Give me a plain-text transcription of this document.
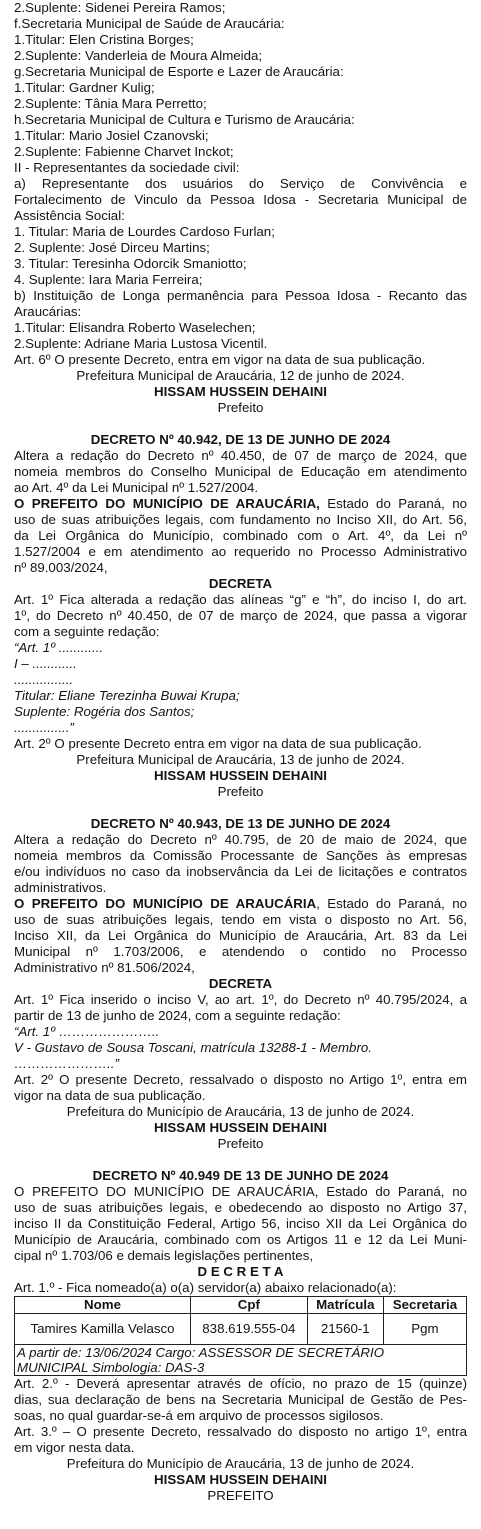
2.Suplente: Sidenei Pereira Ramos;
f.Secretaria Municipal de Saúde de Araucária:
1.Titular: Elen Cristina Borges;
2.Suplente: Vanderleia de Moura Almeida;
g.Secretaria Municipal de Esporte e Lazer de Araucária:
1.Titular: Gardner Kulig;
2.Suplente: Tânia Mara Perretto;
h.Secretaria Municipal de Cultura e Turismo de Araucária:
1.Titular: Mario Josiel Czanovski;
2.Suplente: Fabienne Charvet Inckot;
II - Representantes da sociedade civil:
a) Representante dos usuários do Serviço de Convivência e
Fortalecimento de Vinculo da Pessoa Idosa - Secretaria Municipal de
Assistência Social:
1. Titular: Maria de Lourdes Cardoso Furlan;
2. Suplente: José Dirceu Martins;
3. Titular: Teresinha Odorcik Smaniotto;
4. Suplente: Iara Maria Ferreira;
b) Instituição de Longa permanência para Pessoa Idosa - Recanto das
Araucárias:
1.Titular: Elisandra Roberto Waselechen;
2.Suplente: Adriane Maria Lustosa Vicentil.
Art. 6º O presente Decreto, entra em vigor na data de sua publicação.
Prefeitura Municipal de Araucária, 12 de junho de 2024.
HISSAM HUSSEIN DEHAINI
Prefeito
DECRETO Nº 40.942, DE 13 DE JUNHO DE 2024
Altera a redação do Decreto nº 40.450, de 07 de março de 2024, que
nomeia membros do Conselho Municipal de Educação em atendimento
ao Art. 4º da Lei Municipal nº 1.527/2004.
O PREFEITO DO MUNICÍPIO DE ARAUCÁRIA, Estado do Paraná, no
uso de suas atribuições legais, com fundamento no Inciso XII, do Art. 56,
da Lei Orgânica do Município, combinado com o Art. 4º, da Lei nº
1.527/2004 e em atendimento ao requerido no Processo Administrativo
nº 89.003/2024,
DECRETA
Art. 1º Fica alterada a redação das alíneas “g” e “h”, do inciso I, do art.
1º, do Decreto nº 40.450, de 07 de março de 2024, que passa a vigorar
com a seguinte redação:
“Art. 1º ............
I – ............
................
Titular: Eliane Terezinha Buwai Krupa;
Suplente: Rogéria dos Santos;
...............”
Art. 2º O presente Decreto entra em vigor na data de sua publicação.
Prefeitura Municipal de Araucária, 13 de junho de 2024.
HISSAM HUSSEIN DEHAINI
Prefeito
DECRETO Nº 40.943, DE 13 DE JUNHO DE 2024
Altera a redação do Decreto nº 40.795, de 20 de maio de 2024, que
nomeia membros da Comissão Processante de Sanções às empresas
e/ou indivíduos no caso da inobservância da Lei de licitações e contratos
administrativos.
O PREFEITO DO MUNICÍPIO DE ARAUCÁRIA, Estado do Paraná, no
uso de suas atribuições legais, tendo em vista o disposto no Art. 56,
Inciso XII, da Lei Orgânica do Município de Araucária, Art. 83 da Lei
Municipal nº 1.703/2006, e atendendo o contido no Processo
Administrativo nº 81.506/2024,
DECRETA
Art. 1º Fica inserido o inciso V, ao art. 1º, do Decreto nº 40.795/2024, a
partir de 13 de junho de 2024, com a seguinte redação:
“Art. 1º …………………..
V - Gustavo de Sousa Toscani, matrícula 13288-1 - Membro.
…………………..”
Art. 2º O presente Decreto, ressalvado o disposto no Artigo 1º, entra em
vigor na data de sua publicação.
Prefeitura do Município de Araucária, 13 de junho de 2024.
HISSAM HUSSEIN DEHAINI
Prefeito
DECRETO Nº 40.949 DE 13 DE JUNHO DE 2024
O PREFEITO DO MUNICÍPIO DE ARAUCÁRIA, Estado do Paraná, no
uso de suas atribuições legais, e obedecendo ao disposto no Artigo 37,
inciso II da Constituição Federal, Artigo 56, inciso XII da Lei Orgânica do
Município de Araucária, combinado com os Artigos 11 e 12 da Lei Muni-
cipal nº 1.703/06 e demais legislações pertinentes,
D E C R E T A
Art. 1.º - Fica nomeado(a) o(a) servidor(a) abaixo relacionado(a):
Nome	Cpf	Matrícula	Secretaria
Tamires Kamilla Velasco	838.619.555-04	21560-1	Pgm
A partir de: 13/06/2024 Cargo: ASSESSOR DE SECRETÁRIO
MUNICIPAL Simbologia: DAS-3
Art. 2.º - Deverá apresentar através de ofício, no prazo de 15 (quinze)
dias, sua declaração de bens na Secretaria Municipal de Gestão de Pes-
soas, no qual guardar-se-á em arquivo de processos sigilosos.
Art. 3.º – O presente Decreto, ressalvado do disposto no artigo 1º, entra
em vigor nesta data.
Prefeitura do Município de Araucária, 13 de junho de 2024.
HISSAM HUSSEIN DEHAINI
PREFEITO
